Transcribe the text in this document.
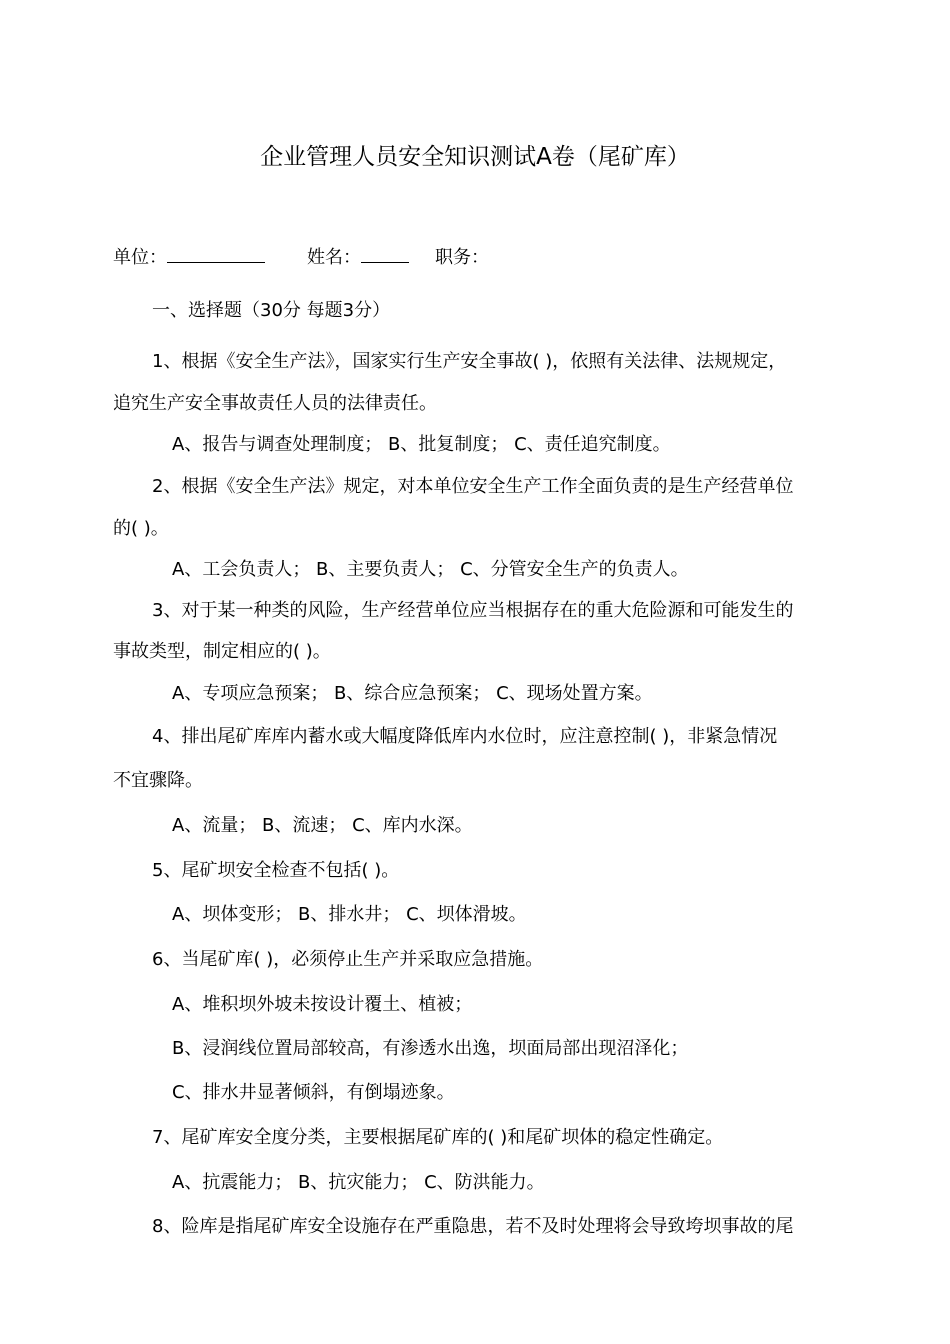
企业管理人员安全知识测试A卷（尾矿库）
单位：	姓名：	职务：
一、选择题（30分 每题3分）
1、根据《安全生产法》，国家实行生产安全事故( )，依照有关法律、法规规定，
追究生产安全事故责任人员的法律责任。
A、报告与调查处理制度； B、批复制度； C、责任追究制度。
2、根据《安全生产法》规定，对本单位安全生产工作全面负责的是生产经营单位
的( )。
A、工会负责人； B、主要负责人； C、分管安全生产的负责人。
3、对于某一种类的风险，生产经营单位应当根据存在的重大危险源和可能发生的
事故类型，制定相应的( )。
A、专项应急预案； B、综合应急预案； C、现场处置方案。
4、排出尾矿库库内蓄水或大幅度降低库内水位时，应注意控制( )，非紧急情况
不宜骤降。
A、流量； B、流速； C、库内水深。
5、尾矿坝安全检查不包括( )。
A、坝体变形； B、排水井； C、坝体滑坡。
6、当尾矿库( )，必须停止生产并采取应急措施。
A、堆积坝外坡未按设计覆土、植被；
B、浸润线位置局部较高，有渗透水出逸，坝面局部出现沼泽化；
C、排水井显著倾斜，有倒塌迹象。
7、尾矿库安全度分类，主要根据尾矿库的( )和尾矿坝体的稳定性确定。
A、抗震能力； B、抗灾能力； C、防洪能力。
8、险库是指尾矿库安全设施存在严重隐患，若不及时处理将会导致垮坝事故的尾
